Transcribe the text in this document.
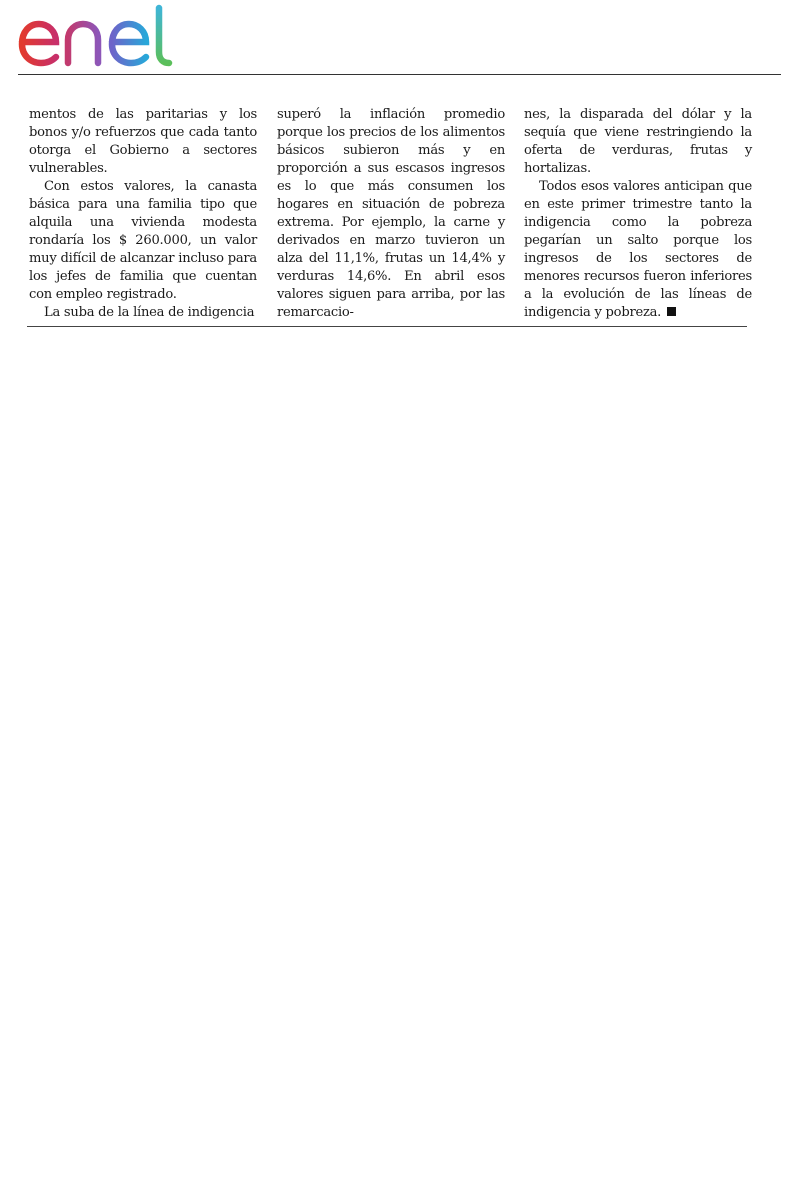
mentos de las paritarias y los bonos y/o refuerzos que cada tanto otorga el Gobierno a sectores vulnerables.

Con estos valores, la canasta básica para una familia tipo que alquila una vivienda modesta rondaría los $ 260.000, un valor muy difícil de alcanzar incluso para los jefes de familia que cuentan con empleo registrado.

La suba de la línea de indigencia

superó la inflación promedio porque los precios de los alimentos básicos subieron más y en proporción a sus escasos ingresos es lo que más consumen los hogares en situación de pobreza extrema. Por ejemplo, la carne y derivados en marzo tuvieron un alza del 11,1%, frutas un 14,4% y verduras 14,6%. En abril esos valores siguen para arriba, por las remarcacio-

nes, la disparada del dólar y la sequía que viene restringiendo la oferta de verduras, frutas y hortalizas.

Todos esos valores anticipan que en este primer trimestre tanto la indigencia como la pobreza pegarían un salto porque los ingresos de los sectores de menores recursos fueron inferiores a la evolución de las líneas de indigencia y pobreza.
